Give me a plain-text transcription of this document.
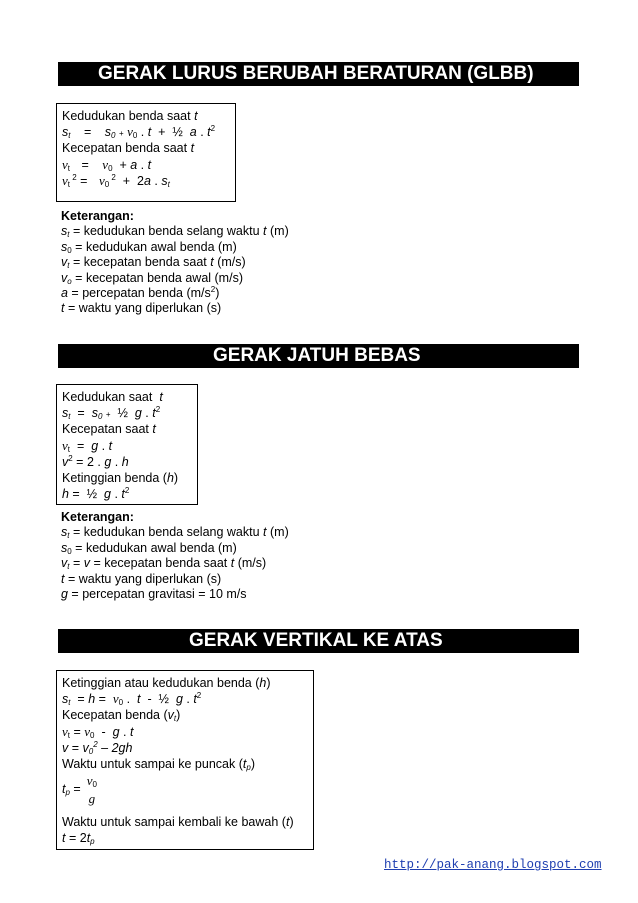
GERAK LURUS BERUBAH BERATURAN (GLBB)
Kedudukan benda saat t
$s_t = s_0 + v_0$ . t  +  ½  a . $t^2$
Kecepatan benda saat t
$v_t = v_0 + a$ . t
$v_t$ $^2 = v_0$ $^2$  +  2a . $s_t$
Keterangan:
$s_t$ = kedudukan benda selang waktu t (m)
$s_0$ = kedudukan awal benda (m)
$v_t$ = kecepatan benda saat t (m/s)
$v_o$ = kecepatan benda awal (m/s)
a = percepatan benda $(m/s^2)$
t = waktu yang diperlukan (s)
GERAK JATUH BEBAS
Kedudukan saat t
$s_t = s_0$ +  ½  g . $t^2$
Kecepatan saat t
$v_t = g$ . t
$v^2 = 2$ . g . h
Ketinggian benda (h)
h =  ½  g . $t^2$
Keterangan:
$s_t$ = kedudukan benda selang waktu t (m)
$s_0$ = kedudukan awal benda (m)
$v_t = v$ = kecepatan benda saat t (m/s)
t = waktu yang diperlukan (s)
g = percepatan gravitasi = 10 m/s
GERAK VERTIKAL KE ATAS
Ketinggian atau kedudukan benda (h)
$s_t = h = v_0$ .  t  -  ½  g . $t^2$
Kecepatan benda $(v_t)$
$v_t = v_0 - g$ . t
$v = v_0^2 - 2gh$
Waktu untuk sampai ke puncak $(t_p)$
$t_p$ =
$v_0$
g
Waktu untuk sampai kembali ke bawah (t)
$t = 2t_p$
http://pak-anang.blogspot.com
